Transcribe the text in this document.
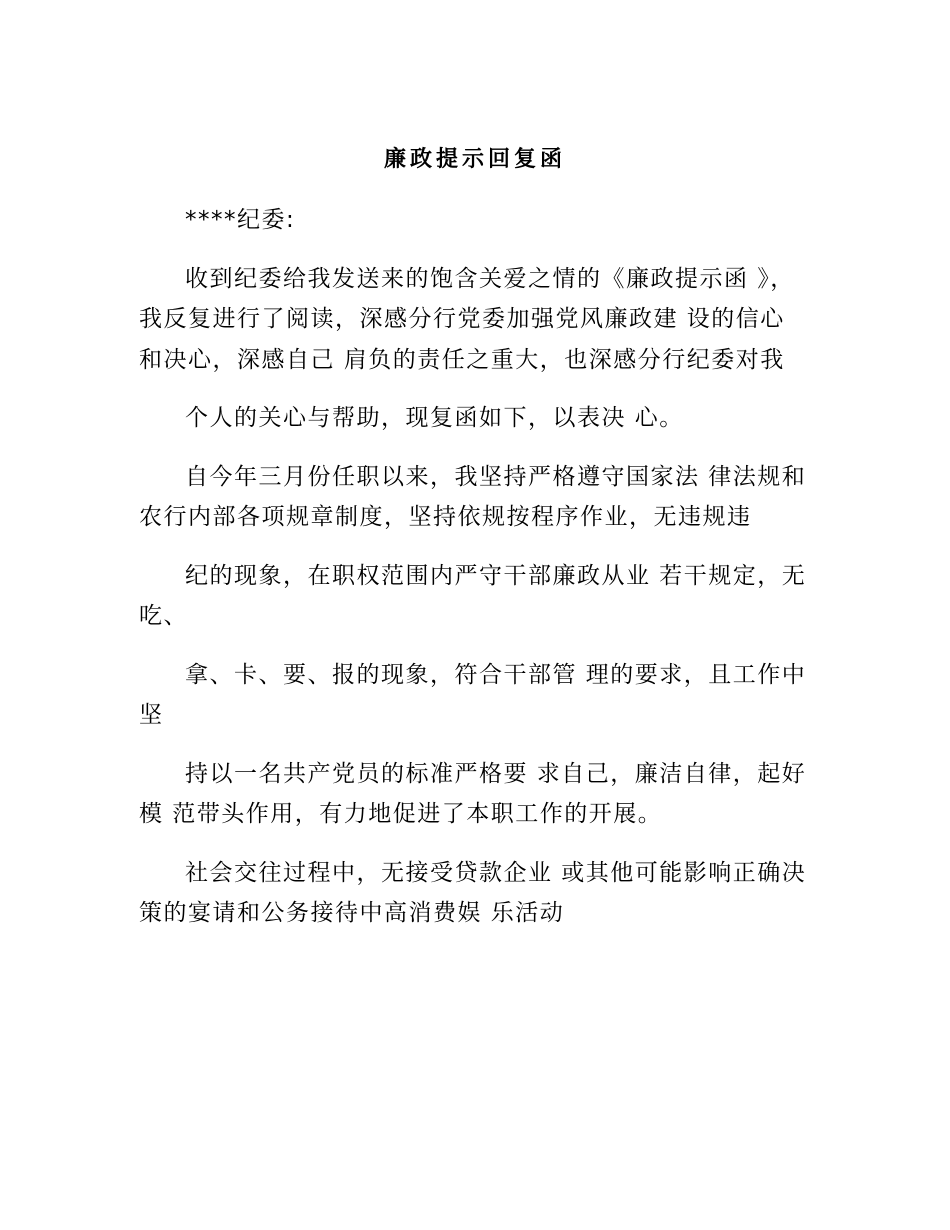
廉政提示回复函

****纪委:

收到纪委给我发送来的饱含关爱之情的《廉政提示函 》，我反复进行了阅读，深感分行党委加强党风廉政建 设的信心 和决心，深感自己 肩负的责任之重大，也深感分行纪委对我

个人的关心与帮助，现复函如下，以表决 心。

自今年三月份任职以来，我坚持严格遵守国家法 律法规和农行内部各项规章制度，坚持依规按程序作业，无违规违

纪的现象，在职权范围内严守干部廉政从业 若干规定，无吃、

拿、卡、要、报的现象，符合干部管 理的要求，且工作中坚

持以一名共产党员的标准严格要 求自己，廉洁自律，起好模 范带头作用，有力地促进了本职工作的开展。

社会交往过程中，无接受贷款企业 或其他可能影响正确决策的宴请和公务接待中高消费娱 乐活动
